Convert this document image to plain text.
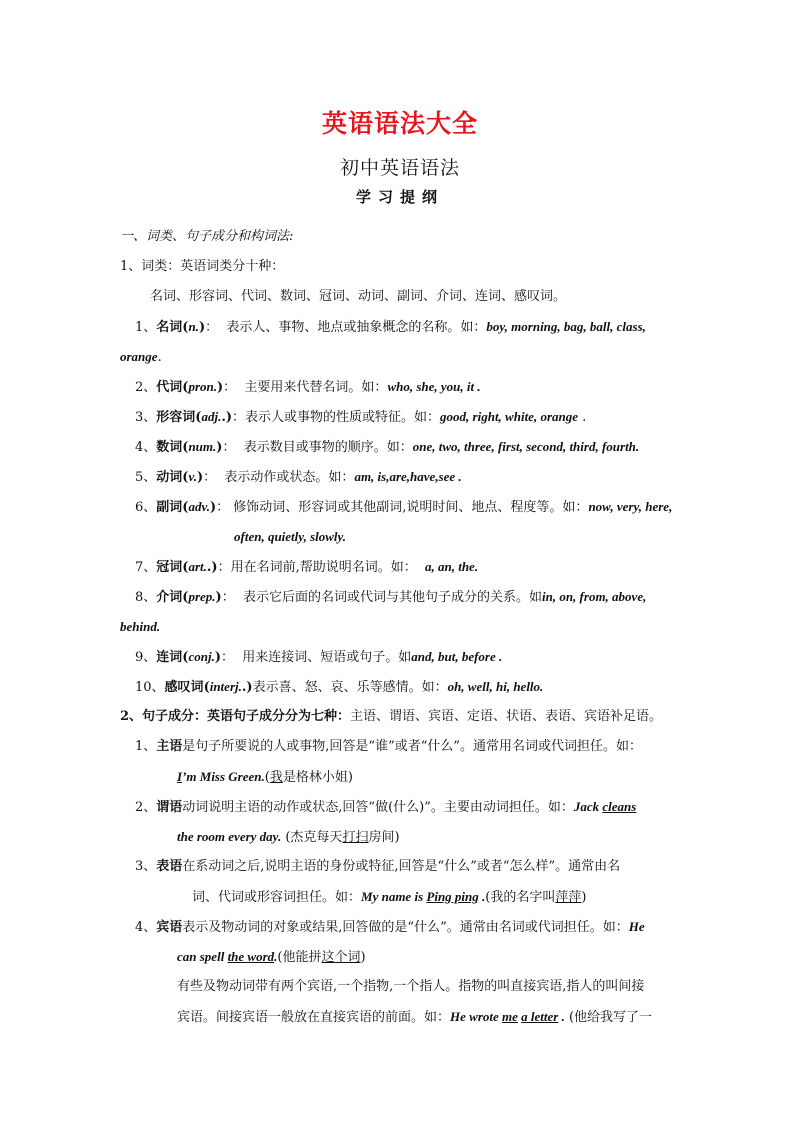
英语语法大全
初中英语语法
学习提纲
一、词类、句子成分和构词法:
1、词类：英语词类分十种：
名词、形容词、代词、数词、冠词、动词、副词、介词、连词、感叹词。
1、名词(n.)：  表示人、事物、地点或抽象概念的名称。如：boy, morning, bag, ball, class,
orange.
2、代词(pron.)：  主要用来代替名词。如：who, she, you, it .
3、形容词(adj..)：表示人或事物的性质或特征。如：good, right, white, orange .
4、数词(num.)：  表示数目或事物的顺序。如：one, two, three, first, second, third, fourth.
5、动词(v.)：  表示动作或状态。如：am, is,are,have,see .
6、副词(adv.)： 修饰动词、形容词或其他副词,说明时间、地点、程度等。如：now, very, here,
often, quietly, slowly.
7、冠词(art..)：用在名词前,帮助说明名词。如： a, an, the.
8、介词(prep.)：  表示它后面的名词或代词与其他句子成分的关系。如in, on, from, above,
behind.
9、连词(conj.)：  用来连接词、短语或句子。如and, but, before .
10、感叹词(interj..)表示喜、怒、哀、乐等感情。如：oh, well, hi, hello.
2、句子成分：英语句子成分分为七种：主语、谓语、宾语、定语、状语、表语、宾语补足语。
1、主语是句子所要说的人或事物,回答是“谁”或者“什么”。通常用名词或代词担任。如：
I’m Miss Green.(我是格林小姐)
2、谓语动词说明主语的动作或状态,回答“做(什么)”。主要由动词担任。如：Jack cleans
the room every day. (杰克每天打扫房间)
3、表语在系动词之后,说明主语的身份或特征,回答是“什么”或者“怎么样”。通常由名
词、代词或形容词担任。如：My name is Ping ping .(我的名字叫萍萍)
4、宾语表示及物动词的对象或结果,回答做的是“什么”。通常由名词或代词担任。如：He
can spell the word.(他能拼这个词)
有些及物动词带有两个宾语,一个指物,一个指人。指物的叫直接宾语,指人的叫间接
宾语。间接宾语一般放在直接宾语的前面。如：He wrote me a letter . (他给我写了一
